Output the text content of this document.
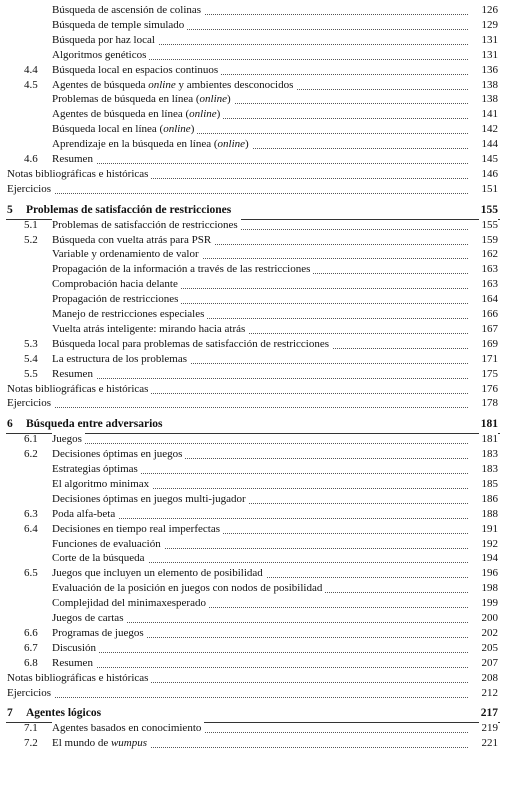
Búsqueda de ascensión de colinas	126
Búsqueda de temple simulado	129
Búsqueda por haz local	131
Algoritmos genéticos	131
4.4 Búsqueda local en espacios continuos	136
4.5 Agentes de búsqueda online y ambientes desconocidos	138
Problemas de búsqueda en línea (online)	138
Agentes de búsqueda en línea (online)	141
Búsqueda local en línea (online)	142
Aprendizaje en la búsqueda en línea (online)	144
4.6 Resumen	145
Notas bibliográficas e históricas	146
Ejercicios	151
5 Problemas de satisfacción de restricciones	155
5.1 Problemas de satisfacción de restricciones	155
5.2 Búsqueda con vuelta atrás para PSR	159
Variable y ordenamiento de valor	162
Propagación de la información a través de las restricciones	163
Comprobación hacia delante	163
Propagación de restricciones	164
Manejo de restricciones especiales	166
Vuelta atrás inteligente: mirando hacia atrás	167
5.3 Búsqueda local para problemas de satisfacción de restricciones	169
5.4 La estructura de los problemas	171
5.5 Resumen	175
Notas bibliográficas e históricas	176
Ejercicios	178
6 Búsqueda entre adversarios	181
6.1 Juegos	181
6.2 Decisiones óptimas en juegos	183
Estrategias óptimas	183
El algoritmo minimax	185
Decisiones óptimas en juegos multi-jugador	186
6.3 Poda alfa-beta	188
6.4 Decisiones en tiempo real imperfectas	191
Funciones de evaluación	192
Corte de la búsqueda	194
6.5 Juegos que incluyen un elemento de posibilidad	196
Evaluación de la posición en juegos con nodos de posibilidad	198
Complejidad del minimaxesperado	199
Juegos de cartas	200
6.6 Programas de juegos	202
6.7 Discusión	205
6.8 Resumen	207
Notas bibliográficas e históricas	208
Ejercicios	212
7 Agentes lógicos	217
7.1 Agentes basados en conocimiento	219
7.2 El mundo de wumpus	221
